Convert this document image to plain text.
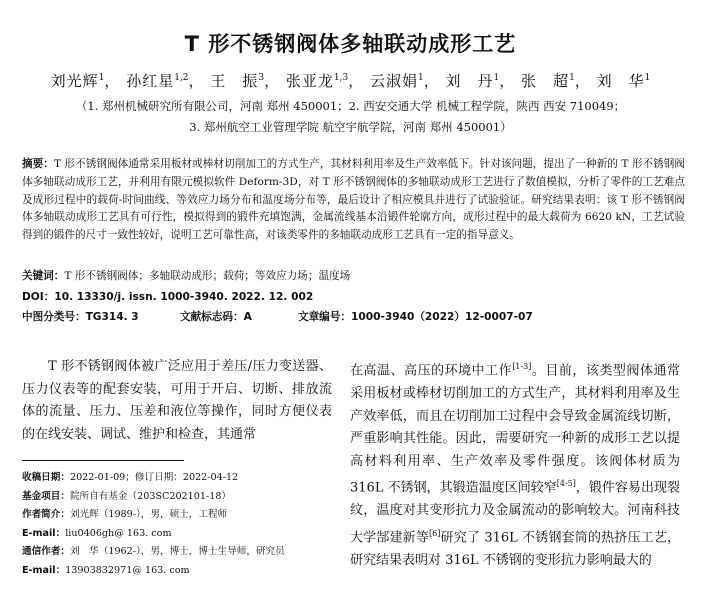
T 形不锈钢阀体多轴联动成形工艺
刘光辉$^1$， 孙红星$^{1,2}$， 王　振$^3$， 张亚龙$^{1,3}$， 云淑娟$^1$， 刘　丹$^1$， 张　超$^1$， 刘　华$^1$
（1. 郑州机械研究所有限公司，河南 郑州 450001；2. 西安交通大学 机械工程学院，陕西 西安 710049；
3. 郑州航空工业管理学院 航空宇航学院，河南 郑州 450001）
摘要：T 形不锈钢阀体通常采用板材或棒材切削加工的方式生产，其材料利用率及生产效率低下。针对该问题，提出了一种新的 T 形不锈钢阀体多轴联动成形工艺，并利用有限元模拟软件 Deform-3D，对 T 形不锈钢阀体的多轴联动成形工艺进行了数值模拟，分析了零件的工艺难点及成形过程中的载荷-时间曲线、等效应力场分布和温度场分布等，最后设计了相应模具并进行了试验验证。研究结果表明：该 T 形不锈钢阀体多轴联动成形工艺具有可行性，模拟得到的锻件充填饱满，金属流线基本沿锻件轮廓方向，成形过程中的最大载荷为 6620 kN，工艺试验得到的锻件的尺寸一致性较好，说明工艺可靠性高，对该类零件的多轴联动成形工艺具有一定的指导意义。
关键词：T 形不锈钢阀体；多轴联动成形；载荷；等效应力场；温度场
DOI：10. 13330/j. issn. 1000-3940. 2022. 12. 002
中图分类号：TG314. 3	文献标志码：A	文章编号：1000-3940（2022）12-0007-07

T 形不锈钢阀体被广泛应用于差压/压力变送器、压力仪表等的配套安装，可用于开启、切断、排放流体的流量、压力、压差和液位等操作，同时方便仪表的在线安装、调试、维护和检查，其通常

收稿日期：2022-01-09；修订日期：2022-04-12
基金项目：院所自有基金（203SC202101-18）
作者简介：刘光辉（1989-），男，硕士，工程师
E-mail：liu0406gh@ 163. com
通信作者：刘　华（1962-），男，博士，博士生导师，研究员
E-mail：13903832971@ 163. com

在高温、高压的环境中工作[1-3]。目前，该类型阀体通常采用板材或棒材切削加工的方式生产，其材料利用率及生产效率低，而且在切削加工过程中会导致金属流线切断，严重影响其性能。因此，需要研究一种新的成形工艺以提高材料利用率、生产效率及零件强度。该阀体材质为 316L 不锈钢，其锻造温度区间较窄[4-5]，锻件容易出现裂纹，温度对其变形抗力及金属流动的影响较大。河南科技大学郜建新等[6]研究了 316L 不锈钢套筒的热挤压工艺，研究结果表明对 316L 不锈钢的变形抗力影响最大的
